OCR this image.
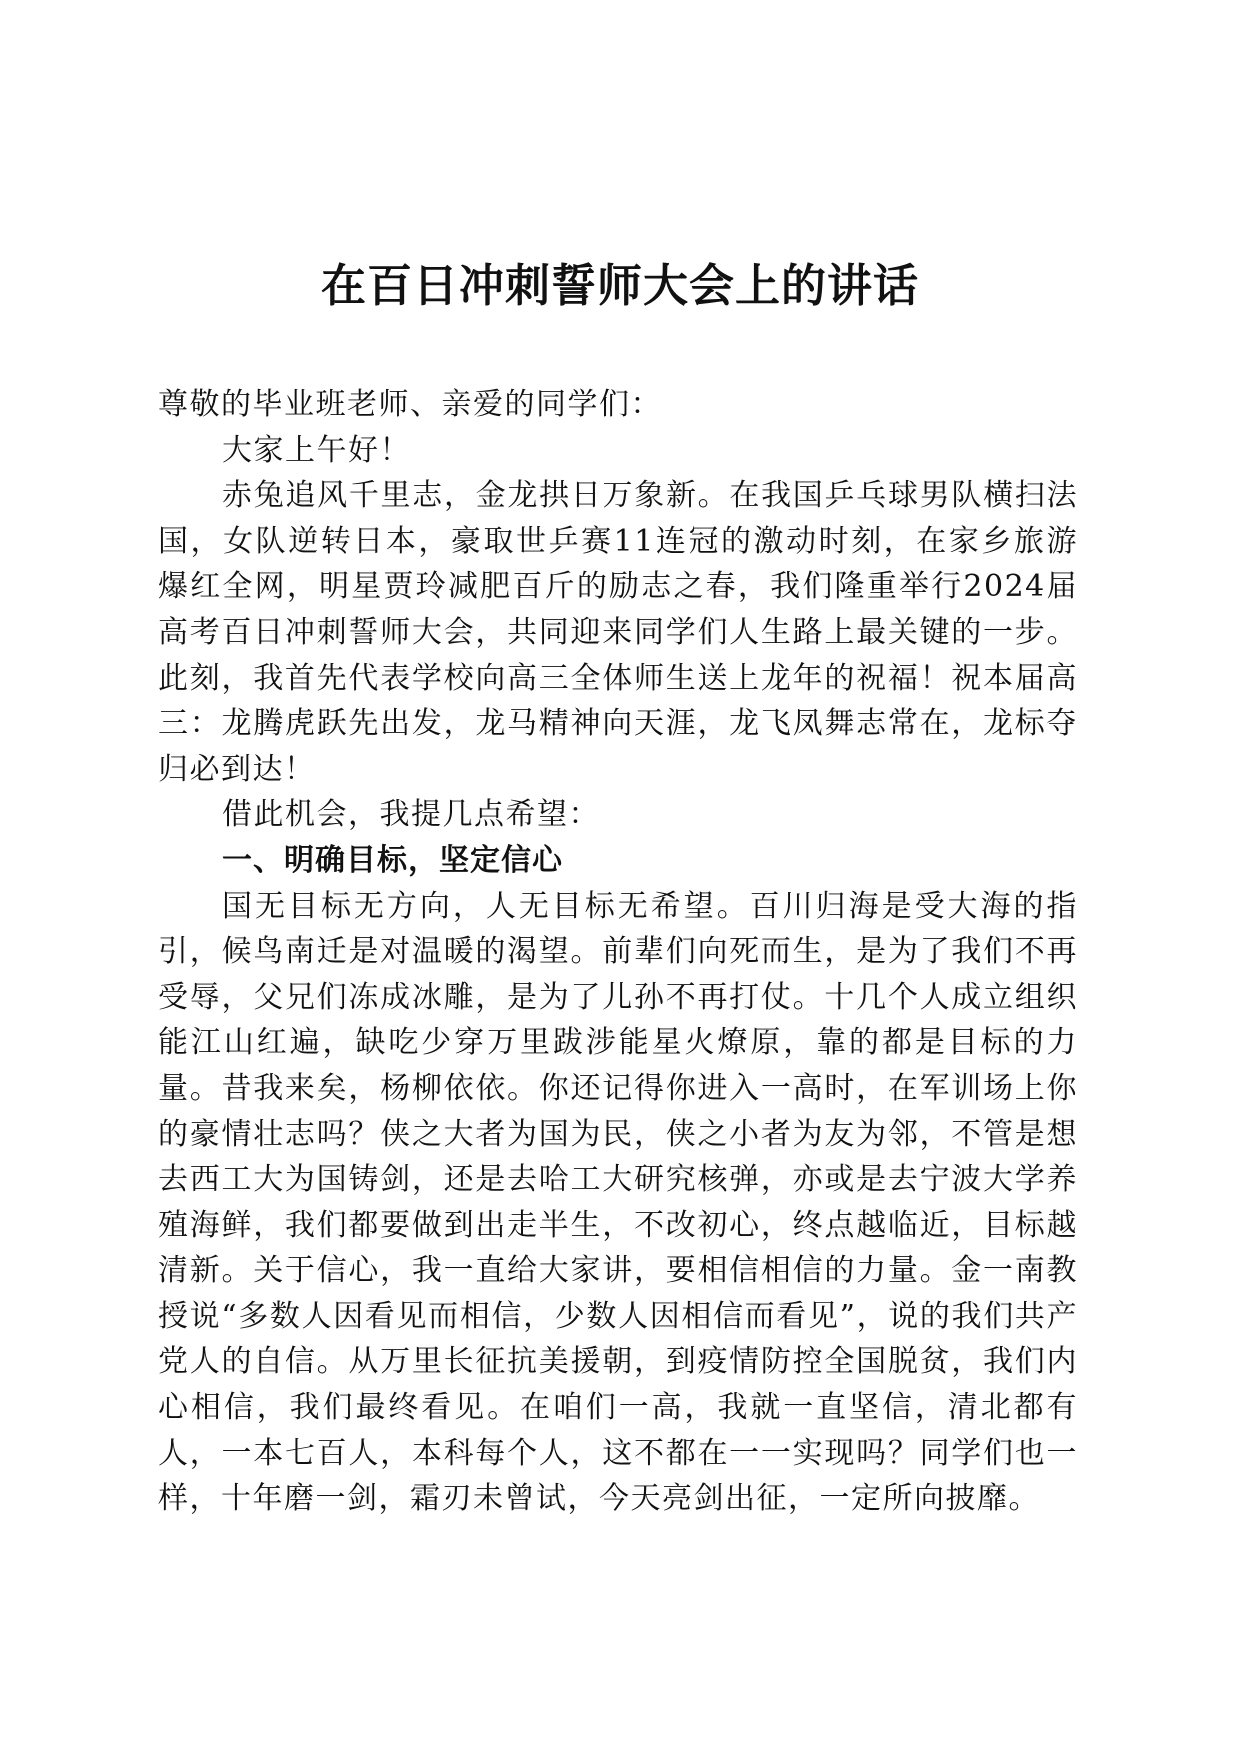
在百日冲刺誓师大会上的讲话

尊敬的毕业班老师、亲爱的同学们：

大家上午好！

赤兔追风千里志，金龙拱日万象新。在我国乒乓球男队横扫法国，女队逆转日本，豪取世乒赛11连冠的激动时刻，在家乡旅游爆红全网，明星贾玲减肥百斤的励志之春，我们隆重举行2024届高考百日冲刺誓师大会，共同迎来同学们人生路上最关键的一步。此刻，我首先代表学校向高三全体师生送上龙年的祝福！祝本届高三：龙腾虎跃先出发，龙马精神向天涯，龙飞凤舞志常在，龙标夺归必到达！

借此机会，我提几点希望：

一、明确目标，坚定信心

国无目标无方向，人无目标无希望。百川归海是受大海的指引，候鸟南迁是对温暖的渴望。前辈们向死而生，是为了我们不再受辱，父兄们冻成冰雕，是为了儿孙不再打仗。十几个人成立组织能江山红遍，缺吃少穿万里跋涉能星火燎原，靠的都是目标的力量。昔我来矣，杨柳依依。你还记得你进入一高时，在军训场上你的豪情壮志吗？侠之大者为国为民，侠之小者为友为邻，不管是想去西工大为国铸剑，还是去哈工大研究核弹，亦或是去宁波大学养殖海鲜，我们都要做到出走半生，不改初心，终点越临近，目标越清新。关于信心，我一直给大家讲，要相信相信的力量。金一南教授说“多数人因看见而相信，少数人因相信而看见”，说的我们共产党人的自信。从万里长征抗美援朝，到疫情防控全国脱贫，我们内心相信，我们最终看见。在咱们一高，我就一直坚信，清北都有人，一本七百人，本科每个人，这不都在一一实现吗？同学们也一样，十年磨一剑，霜刃未曾试，今天亮剑出征，一定所向披靡。
